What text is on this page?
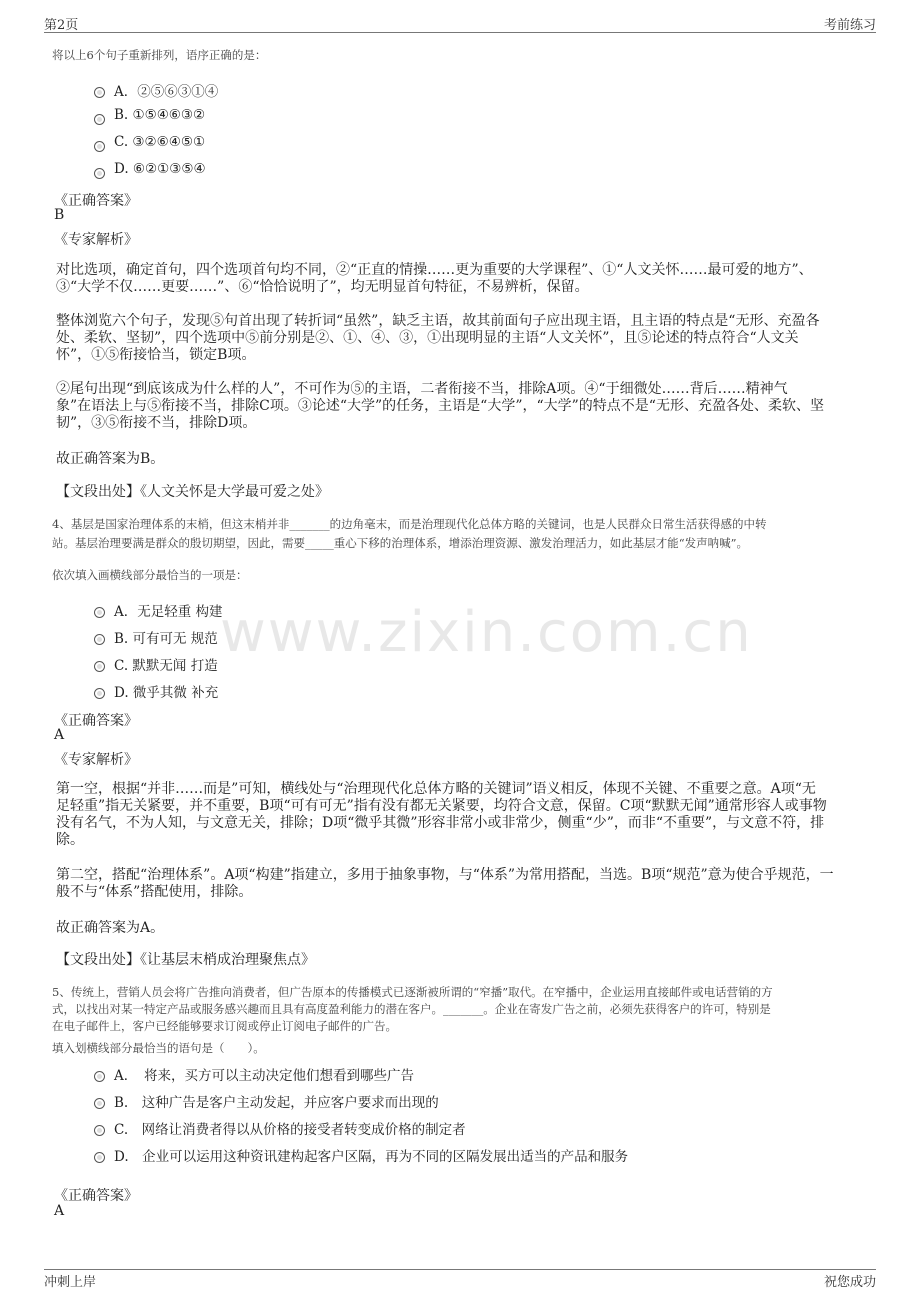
第2页	考前练习
www.zixin.com.cn
将以上6个句子重新排列，语序正确的是：
A．②⑤⑥③①④
B. ①⑤④⑥③②
C. ③②⑥④⑤①
D. ⑥②①③⑤④
《正确答案》
B
《专家解析》
对比选项，确定首句，四个选项首句均不同，②“正直的情操……更为重要的大学课程”、①“人文关怀……最可爱的地方”、
③“大学不仅……更要……”、⑥“恰恰说明了”，均无明显首句特征，不易辨析，保留。
整体浏览六个句子，发现⑤句首出现了转折词“虽然”，缺乏主语，故其前面句子应出现主语，且主语的特点是“无形、充盈各
处、柔软、坚韧”，四个选项中⑤前分别是②、①、④、③，①出现明显的主语“人文关怀”，且⑤论述的特点符合“人文关
怀”，①⑤衔接恰当，锁定B项。
②尾句出现“到底该成为什么样的人”，不可作为⑤的主语，二者衔接不当，排除A项。④“于细微处……背后……精神气
象”在语法上与⑤衔接不当，排除C项。③论述“大学”的任务，主语是“大学”，“大学”的特点不是“无形、充盈各处、柔软、坚
韧”，③⑤衔接不当，排除D项。
故正确答案为B。
【文段出处】《人文关怀是大学最可爱之处》
4、基层是国家治理体系的末梢，但这末梢并非_______的边角毫末，而是治理现代化总体方略的关键词，也是人民群众日常生活获得感的中转
站。基层治理要满是群众的殷切期望，因此，需要_____重心下移的治理体系，增添治理资源、激发治理活力，如此基层才能“发声呐喊”。
依次填入画横线部分最恰当的一项是：
A．无足轻重 构建
B. 可有可无 规范
C. 默默无闻 打造
D. 微乎其微 补充
《正确答案》
A
《专家解析》
第一空，根据“并非……而是”可知，横线处与“治理现代化总体方略的关键词”语义相反，体现不关键、不重要之意。A项“无
足轻重”指无关紧要，并不重要，B项“可有可无”指有没有都无关紧要，均符合文意，保留。C项“默默无闻”通常形容人或事物
没有名气，不为人知，与文意无关，排除；D项“微乎其微”形容非常小或非常少，侧重“少”，而非“不重要”，与文意不符，排
除。
第二空，搭配“治理体系”。A项“构建”指建立，多用于抽象事物，与“体系”为常用搭配，当选。B项“规范”意为使合乎规范，一
般不与“体系”搭配使用，排除。
故正确答案为A。
【文段出处】《让基层末梢成治理聚焦点》
5、传统上，营销人员会将广告推向消费者，但广告原本的传播模式已逐渐被所谓的“窄播”取代。在窄播中，企业运用直接邮件或电话营销的方
式，以找出对某一特定产品或服务感兴趣而且具有高度盈利能力的潜在客户。_______。企业在寄发广告之前，必须先获得客户的许可，特别是
在电子邮件上，客户已经能够要求订阅或停止订阅电子邮件的广告。
填入划横线部分最恰当的语句是（　　）。
A．　将来，买方可以主动决定他们想看到哪些广告
B.　这种广告是客户主动发起，并应客户要求而出现的
C.　网络让消费者得以从价格的接受者转变成价格的制定者
D.　企业可以运用这种资讯建构起客户区隔，再为不同的区隔发展出适当的产品和服务
《正确答案》
A
冲刺上岸	祝您成功
